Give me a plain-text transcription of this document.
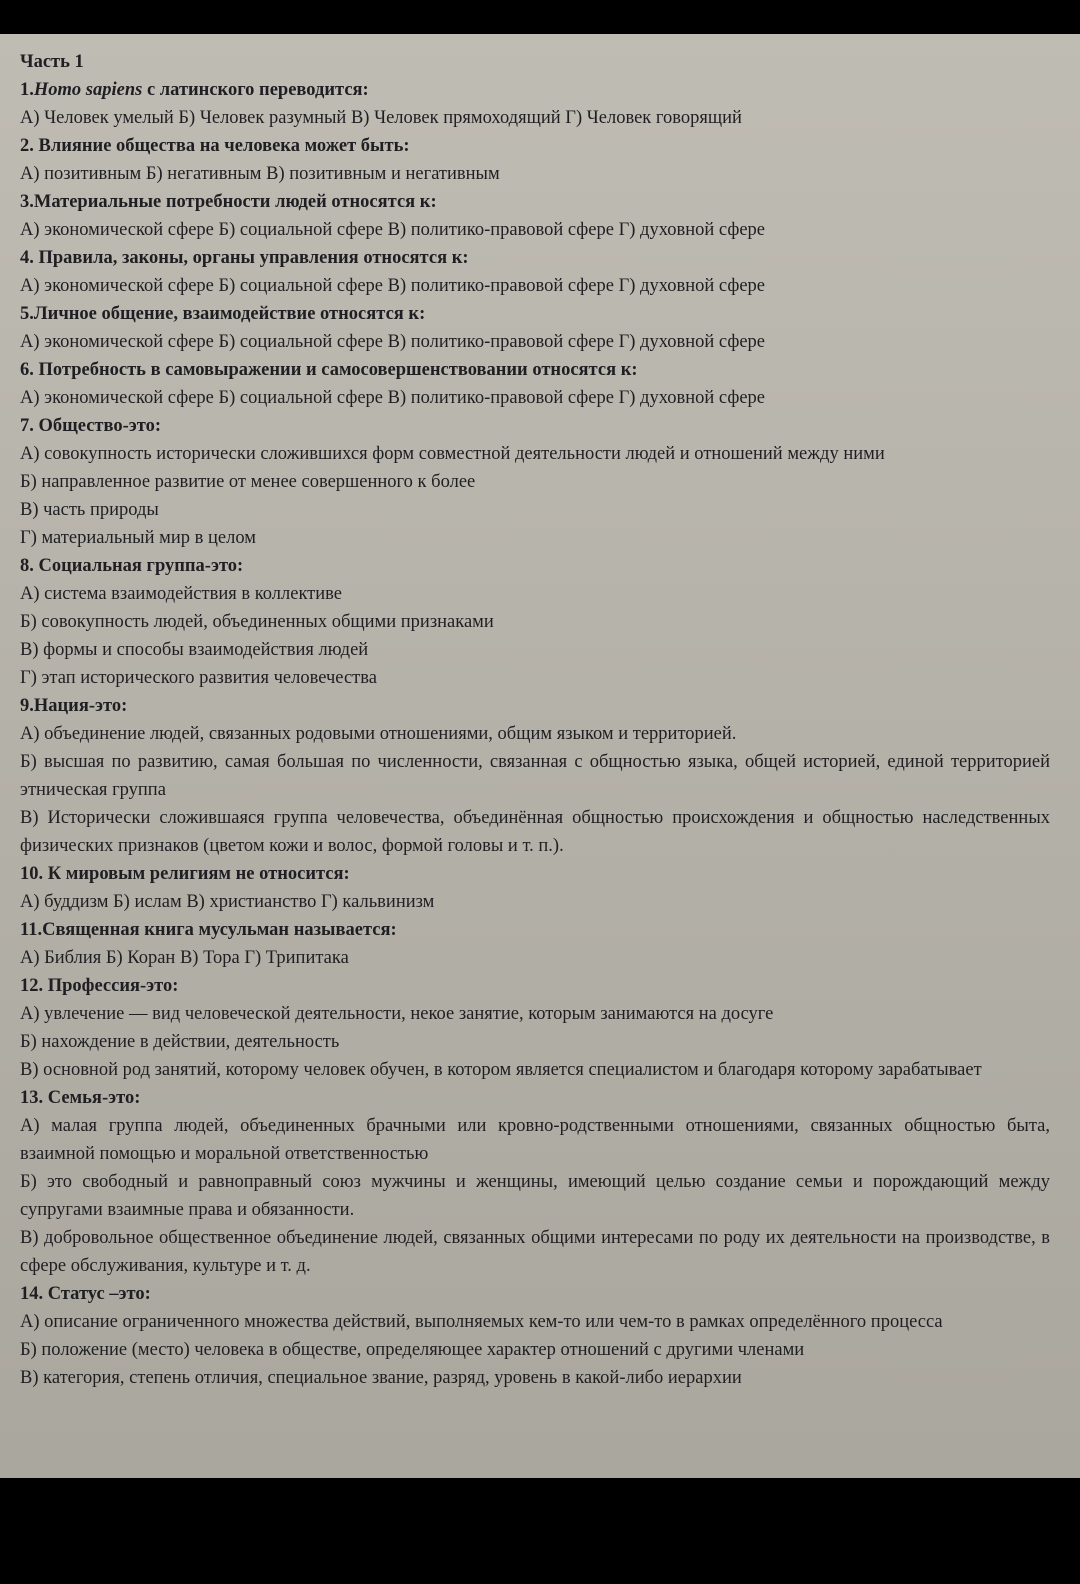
Часть 1
1.Homo sapiens с латинского переводится:
А) Человек умелый Б) Человек разумный В) Человек прямоходящий Г) Человек говорящий
2. Влияние общества на человека может быть:
А) позитивным Б) негативным В) позитивным и негативным
3.Материальные потребности людей относятся к:
А) экономической сфере Б) социальной сфере В) политико-правовой сфере Г) духовной сфере
4. Правила, законы, органы управления относятся к:
А) экономической сфере Б) социальной сфере В) политико-правовой сфере Г) духовной сфере
5.Личное общение, взаимодействие относятся к:
А) экономической сфере Б) социальной сфере В) политико-правовой сфере Г) духовной сфере
6. Потребность в самовыражении и самосовершенствовании относятся к:
А) экономической сфере Б) социальной сфере В) политико-правовой сфере Г) духовной сфере
7. Общество-это:
А) совокупность исторически сложившихся форм совместной деятельности людей и отношений между ними
Б) направленное развитие от менее совершенного к более
В) часть природы
Г) материальный мир в целом
8. Социальная группа-это:
А) система взаимодействия в коллективе
Б) совокупность людей, объединенных общими признаками
В) формы и способы взаимодействия людей
Г) этап исторического развития человечества
9.Нация-это:
А) объединение людей, связанных родовыми отношениями, общим языком и территорией.
Б) высшая по развитию, самая большая по численности, связанная с общностью языка, общей историей, единой территорией этническая группа
В) Исторически сложившаяся группа человечества, объединённая общностью происхождения и общностью наследственных физических признаков (цветом кожи и волос, формой головы и т. п.).
10. К мировым религиям не относится:
А) буддизм Б) ислам В) христианство Г) кальвинизм
11.Священная книга мусульман называется:
А) Библия Б) Коран В) Тора Г) Трипитака
12. Профессия-это:
А) увлечение — вид человеческой деятельности, некое занятие, которым занимаются на досуге
Б) нахождение в действии, деятельность
В) основной род занятий, которому человек обучен, в котором является специалистом и благодаря которому зарабатывает
13. Семья-это:
А) малая группа людей, объединенных брачными или кровно-родственными отношениями, связанных общностью быта, взаимной помощью и моральной ответственностью
Б) это свободный и равноправный союз мужчины и женщины, имеющий целью создание семьи и порождающий между супругами взаимные права и обязанности.
В) добровольное общественное объединение людей, связанных общими интересами по роду их деятельности на производстве, в сфере обслуживания, культуре и т. д.
14. Статус –это:
А) описание ограниченного множества действий, выполняемых кем-то или чем-то в рамках определённого процесса
Б) положение (место) человека в обществе, определяющее характер отношений с другими членами
В) категория, степень отличия, специальное звание, разряд, уровень в какой-либо иерархии
